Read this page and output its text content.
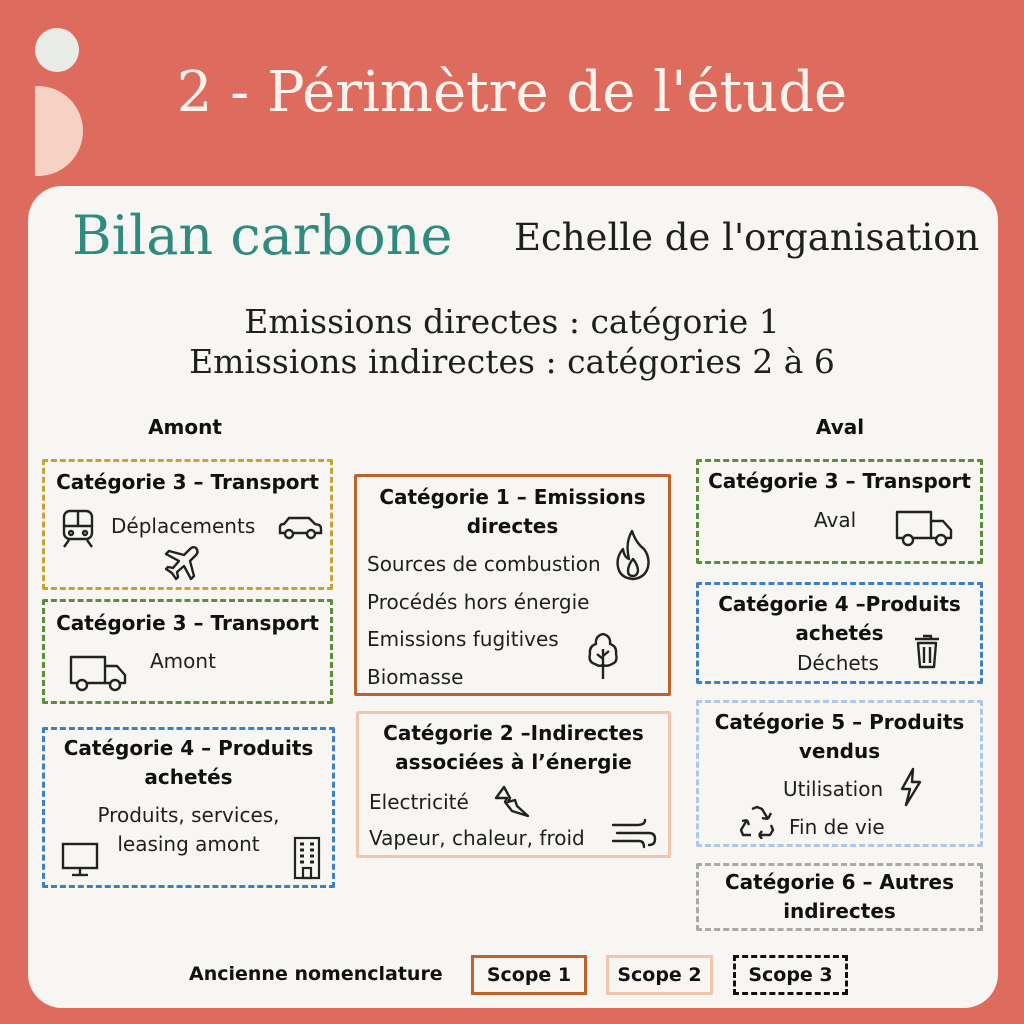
2 - Périmètre de l'étude
Bilan carbone Echelle de l'organisation
Emissions directes : catégorie 1
Emissions indirectes : catégories 2 à 6
Amont	Aval
Catégorie 3 – Transport
Déplacements
Catégorie 3 – Transport
Amont
Catégorie 4 – Produits
achetés
Produits, services,
leasing amont
Catégorie 1 – Emissions
directes
Sources de combustion
Procédés hors énergie
Emissions fugitives
Biomasse
Catégorie 2 –Indirectes
associées à l’énergie
Electricité
Vapeur, chaleur, froid
Catégorie 3 – Transport
Aval
Catégorie 4 –Produits
achetés
Déchets
Catégorie 5 – Produits
vendus
Utilisation
Fin de vie
Catégorie 6 – Autres
indirectes
Ancienne nomenclature	Scope 1	Scope 2	Scope 3
